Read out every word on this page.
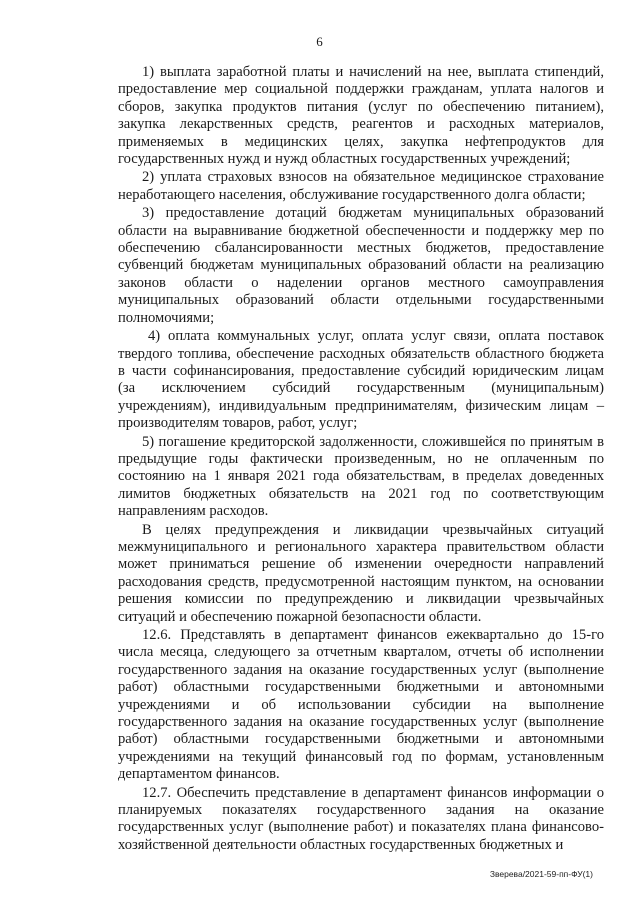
6

1) выплата заработной платы и начислений на нее, выплата стипендий, предоставление мер социальной поддержки гражданам, уплата налогов и сборов, закупка продуктов питания (услуг по обеспечению питанием), закупка лекарственных средств, реагентов и расходных материалов, применяемых в медицинских целях, закупка нефтепродуктов для государственных нужд и нужд областных государственных учреждений;

2) уплата страховых взносов на обязательное медицинское страхование неработающего населения, обслуживание государственного долга области;

3) предоставление дотаций бюджетам муниципальных образований области на выравнивание бюджетной обеспеченности и поддержку мер по обеспечению сбалансированности местных бюджетов, предоставление субвенций бюджетам муниципальных образований области на реализацию законов области о наделении органов местного самоуправления муниципальных образований области отдельными государственными полномочиями;

4) оплата коммунальных услуг, оплата услуг связи, оплата поставок твердого топлива, обеспечение расходных обязательств областного бюджета в части софинансирования, предоставление субсидий юридическим лицам (за исключением субсидий государственным (муниципальным) учреждениям), индивидуальным предпринимателям, физическим лицам – производителям товаров, работ, услуг;

5) погашение кредиторской задолженности, сложившейся по принятым в предыдущие годы фактически произведенным, но не оплаченным по состоянию на 1 января 2021 года обязательствам, в пределах доведенных лимитов бюджетных обязательств на 2021 год по соответствующим направлениям расходов.

В целях предупреждения и ликвидации чрезвычайных ситуаций межмуниципального и регионального характера правительством области может приниматься решение об изменении очередности направлений расходования средств, предусмотренной настоящим пунктом, на основании решения комиссии по предупреждению и ликвидации чрезвычайных ситуаций и обеспечению пожарной безопасности области.

12.6. Представлять в департамент финансов ежеквартально до 15-го числа месяца, следующего за отчетным кварталом, отчеты об исполнении государственного задания на оказание государственных услуг (выполнение работ) областными государственными бюджетными и автономными учреждениями и об использовании субсидии на выполнение государственного задания на оказание государственных услуг (выполнение работ) областными государственными бюджетными и автономными учреждениями на текущий финансовый год по формам, установленным департаментом финансов.

12.7. Обеспечить представление в департамент финансов информации о планируемых показателях государственного задания на оказание государственных услуг (выполнение работ) и показателях плана финансово-хозяйственной деятельности областных государственных бюджетных и

Зверева/2021-59-пп-ФУ(1)
